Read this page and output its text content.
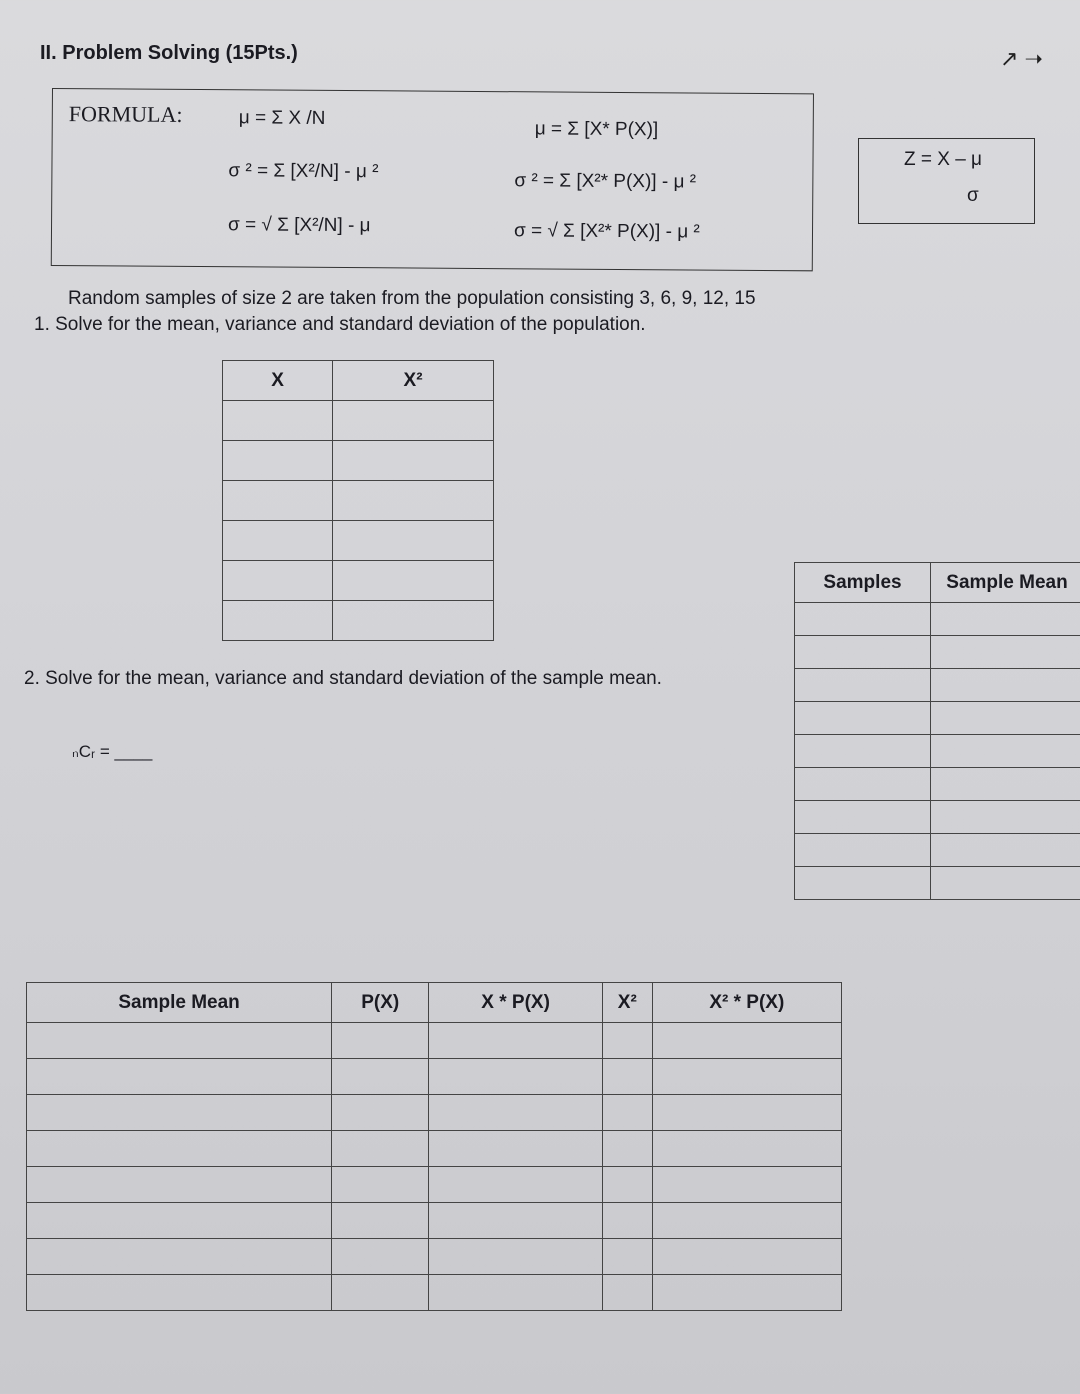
II. Problem Solving (15Pts.)	↗ ➝
FORMULA:	μ = Σ X /N
σ ² = Σ [X²/N] - μ ²
σ = √ Σ [X²/N] - μ
μ = Σ [X* P(X)]
σ ² = Σ [X²* P(X)] - μ ²
σ = √ Σ [X²* P(X)] - μ ²
Z = X – μ
σ
Random samples of size 2 are taken from the population consisting 3, 6, 9, 12, 15
1. Solve for the mean, variance and standard deviation of the population.
X	X²

Samples	Sample Mean

2. Solve for the mean, variance and standard deviation of the sample mean.
ₙCᵣ = ____
Sample Mean	P(X)	X * P(X)	X²	X² * P(X)
